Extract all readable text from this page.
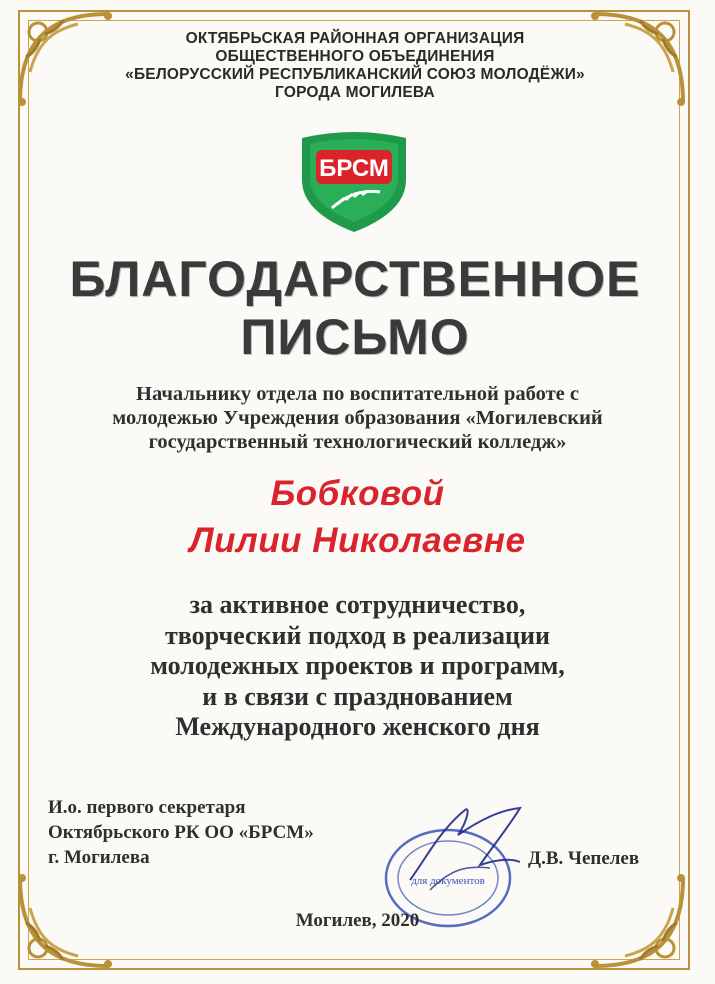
ОКТЯБРЬСКАЯ РАЙОННАЯ ОРГАНИЗАЦИЯ
ОБЩЕСТВЕННОГО ОБЪЕДИНЕНИЯ
«БЕЛОРУССКИЙ РЕСПУБЛИКАНСКИЙ СОЮЗ МОЛОДЁЖИ»
ГОРОДА МОГИЛЕВА
БРСМ
БЛАГОДАРСТВЕННОЕ
ПИСЬМО
Начальнику отдела по воспитательной работе с
молодежью Учреждения образования «Могилевский
государственный технологический колледж»
Бобковой
Лилии Николаевне
за активное сотрудничество,
творческий подход в реализации
молодежных проектов и программ,
и в связи с празднованием
Международного женского дня
И.о. первого секретаря
Октябрьского РК ОО «БРСМ»
г. Могилева
для документов
Д.В. Чепелев
Могилев, 2020
